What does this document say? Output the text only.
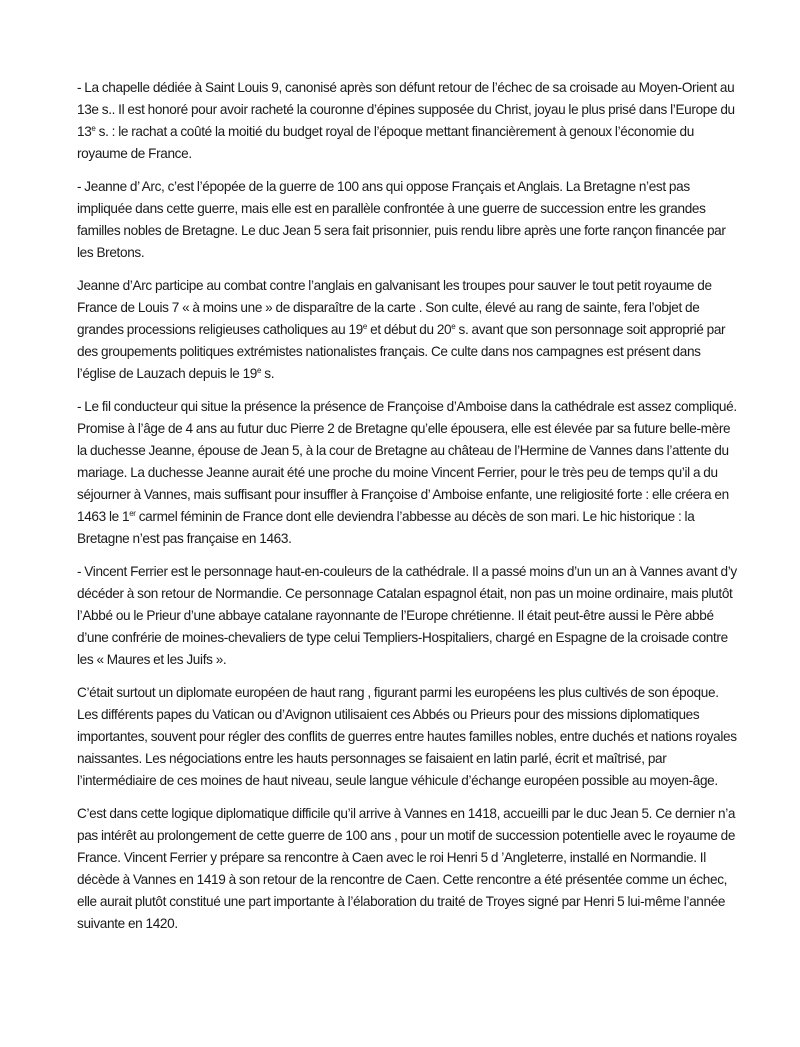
- La chapelle dédiée à Saint Louis 9, canonisé après son défunt retour de l’échec de sa croisade au Moyen-Orient au 13e s.. Il est honoré pour avoir racheté la couronne d’épines supposée du Christ, joyau le plus prisé dans l’Europe du 13e s. : le rachat a coûté la moitié du budget royal de l’époque mettant financièrement à genoux l’économie du royaume de France.

- Jeanne d’ Arc, c’est l’épopée de la guerre de 100 ans qui oppose Français et Anglais. La Bretagne n’est pas impliquée dans cette guerre, mais elle est en parallèle confrontée à une guerre de succession entre les grandes familles nobles de Bretagne. Le duc Jean 5 sera fait prisonnier, puis rendu libre après une forte rançon financée par les Bretons.

Jeanne d’Arc participe au combat contre l’anglais en galvanisant les troupes pour sauver le tout petit royaume de France de Louis 7 « à moins une » de disparaître de la carte . Son culte, élevé au rang de sainte, fera l’objet de grandes processions religieuses catholiques au 19e et début du 20e s. avant que son personnage soit approprié par des groupements politiques extrémistes nationalistes français. Ce culte dans nos campagnes est présent dans l’église de Lauzach depuis le 19e s.

- Le fil conducteur qui situe la présence la présence de Françoise d’Amboise dans la cathédrale est assez compliqué. Promise à l’âge de 4 ans au futur duc Pierre 2 de Bretagne qu’elle épousera, elle est élevée par sa future belle-mère la duchesse Jeanne, épouse de Jean 5, à la cour de Bretagne au château de l’Hermine de Vannes dans l’attente du mariage. La duchesse Jeanne aurait été une proche du moine Vincent Ferrier, pour le très peu de temps qu’il a du séjourner à Vannes, mais suffisant pour insuffler à Françoise d’ Amboise enfante, une religiosité forte : elle créera en 1463 le 1er carmel féminin de France dont elle deviendra l’abbesse au décès de son mari. Le hic historique : la Bretagne n’est pas française en 1463.

- Vincent Ferrier est le personnage haut-en-couleurs de la cathédrale. Il a passé moins d’un un an à Vannes avant d’y décéder à son retour de Normandie. Ce personnage Catalan espagnol était, non pas un moine ordinaire, mais plutôt l’Abbé ou le Prieur d’une abbaye catalane rayonnante de l’Europe chrétienne. Il était peut-être aussi le Père abbé d’une confrérie de moines-chevaliers de type celui Templiers-Hospitaliers, chargé en Espagne de la croisade contre les « Maures et les Juifs ».

C’était surtout un diplomate européen de haut rang , figurant parmi les européens les plus cultivés de son époque. Les différents papes du Vatican ou d’Avignon utilisaient ces Abbés ou Prieurs pour des missions diplomatiques importantes, souvent pour régler des conflits de guerres entre hautes familles nobles, entre duchés et nations royales naissantes. Les négociations entre les hauts personnages se faisaient en latin parlé, écrit et maîtrisé, par l’intermédiaire de ces moines de haut niveau, seule langue véhicule d’échange européen possible au moyen-âge.

C’est dans cette logique diplomatique difficile qu’il arrive à Vannes en 1418, accueilli par le duc Jean 5. Ce dernier n’a pas intérêt au prolongement de cette guerre de 100 ans , pour un motif de succession potentielle avec le royaume de France. Vincent Ferrier y prépare sa rencontre à Caen avec le roi Henri 5 d ’Angleterre, installé en Normandie. Il décède à Vannes en 1419 à son retour de la rencontre de Caen. Cette rencontre a été présentée comme un échec, elle aurait plutôt constitué une part importante à l’élaboration du traité de Troyes signé par Henri 5 lui-même l’année suivante en 1420.
